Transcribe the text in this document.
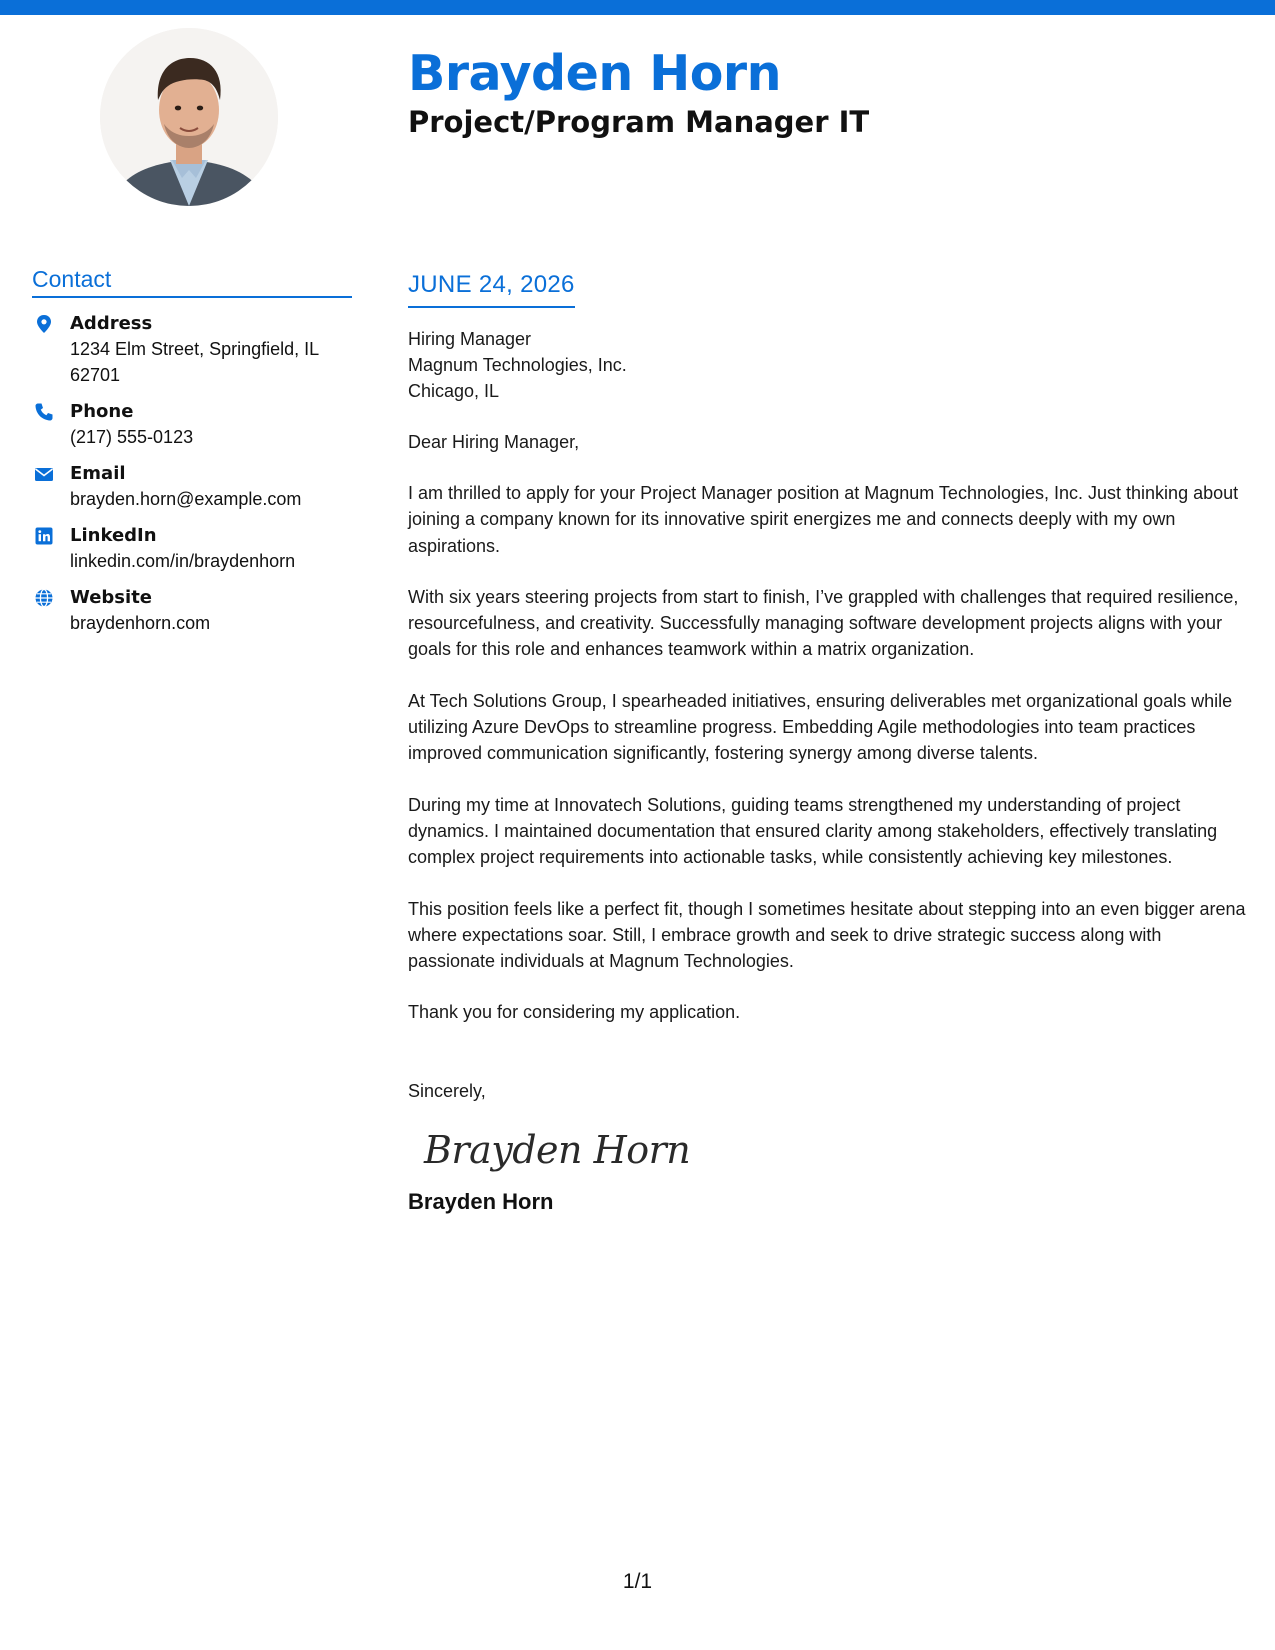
Brayden Horn
Project/Program Manager IT
Contact
Address
1234 Elm Street, Springfield, IL 62701
Phone
(217) 555-0123
Email
brayden.horn@example.com
LinkedIn
linkedin.com/in/braydenhorn
Website
braydenhorn.com
JUNE 24, 2026
Hiring Manager
Magnum Technologies, Inc.
Chicago, IL
Dear Hiring Manager,

I am thrilled to apply for your Project Manager position at Magnum Technologies, Inc. Just thinking about joining a company known for its innovative spirit energizes me and connects deeply with my own aspirations.

With six years steering projects from start to finish, I’ve grappled with challenges that required resilience, resourcefulness, and creativity. Successfully managing software development projects aligns with your goals for this role and enhances teamwork within a matrix organization.

At Tech Solutions Group, I spearheaded initiatives, ensuring deliverables met organizational goals while utilizing Azure DevOps to streamline progress. Embedding Agile methodologies into team practices improved communication significantly, fostering synergy among diverse talents.

During my time at Innovatech Solutions, guiding teams strengthened my understanding of project dynamics. I maintained documentation that ensured clarity among stakeholders, effectively translating complex project requirements into actionable tasks, while consistently achieving key milestones.

This position feels like a perfect fit, though I sometimes hesitate about stepping into an even bigger arena where expectations soar. Still, I embrace growth and seek to drive strategic success along with passionate individuals at Magnum Technologies.

Thank you for considering my application.

Sincerely,
Brayden Horn
Brayden Horn
1/1
